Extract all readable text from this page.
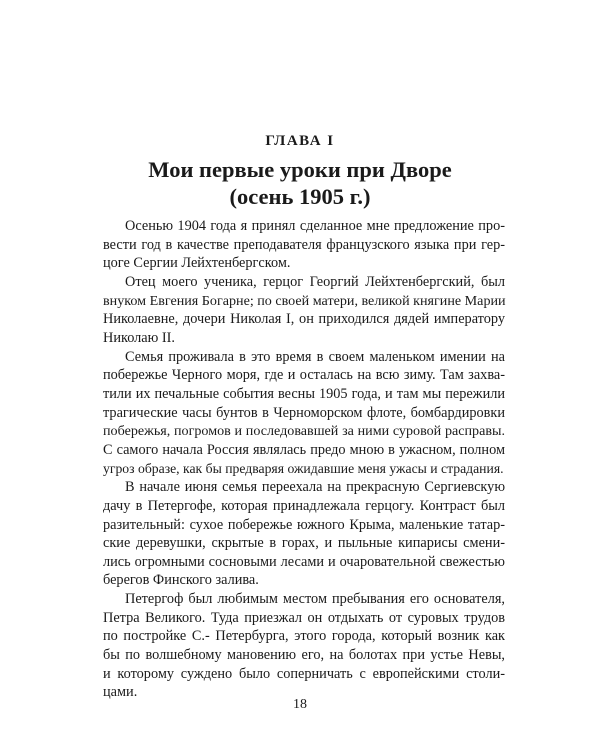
ГЛАВА I
Мои первые уроки при Дворе
(осень 1905 г.)
Осенью 1904 года я принял сделанное мне предложение про-
вести год в качестве преподавателя французского языка при гер-
цоге Сергии Лейхтенбергском.
Отец моего ученика, герцог Георгий Лейхтенбергский, был
внуком Евгения Богарне; по своей матери, великой княгине Марии
Николаевне, дочери Николая I, он приходился дядей императору
Николаю II.
Семья проживала в это время в своем маленьком имении на
побережье Черного моря, где и осталась на всю зиму. Там захва-
тили их печальные события весны 1905 года, и там мы пережили
трагические часы бунтов в Черноморском флоте, бомбардировки
побережья, погромов и последовавшей за ними суровой расправы.
С самого начала Россия являлась предо мною в ужасном, полном
угроз образе, как бы предваряя ожидавшие меня ужасы и страдания.
В начале июня семья переехала на прекрасную Сергиевскую
дачу в Петергофе, которая принадлежала герцогу. Контраст был
разительный: сухое побережье южного Крыма, маленькие татар-
ские деревушки, скрытые в горах, и пыльные кипарисы смени-
лись огромными сосновыми лесами и очаровательной свежестью
берегов Финского залива.
Петергоф был любимым местом пребывания его основателя,
Петра Великого. Туда приезжал он отдыхать от суровых трудов
по постройке С.- Петербурга, этого города, который возник как
бы по волшебному мановению его, на болотах при устье Невы,
и которому суждено было соперничать с европейскими столи-
цами.
18
